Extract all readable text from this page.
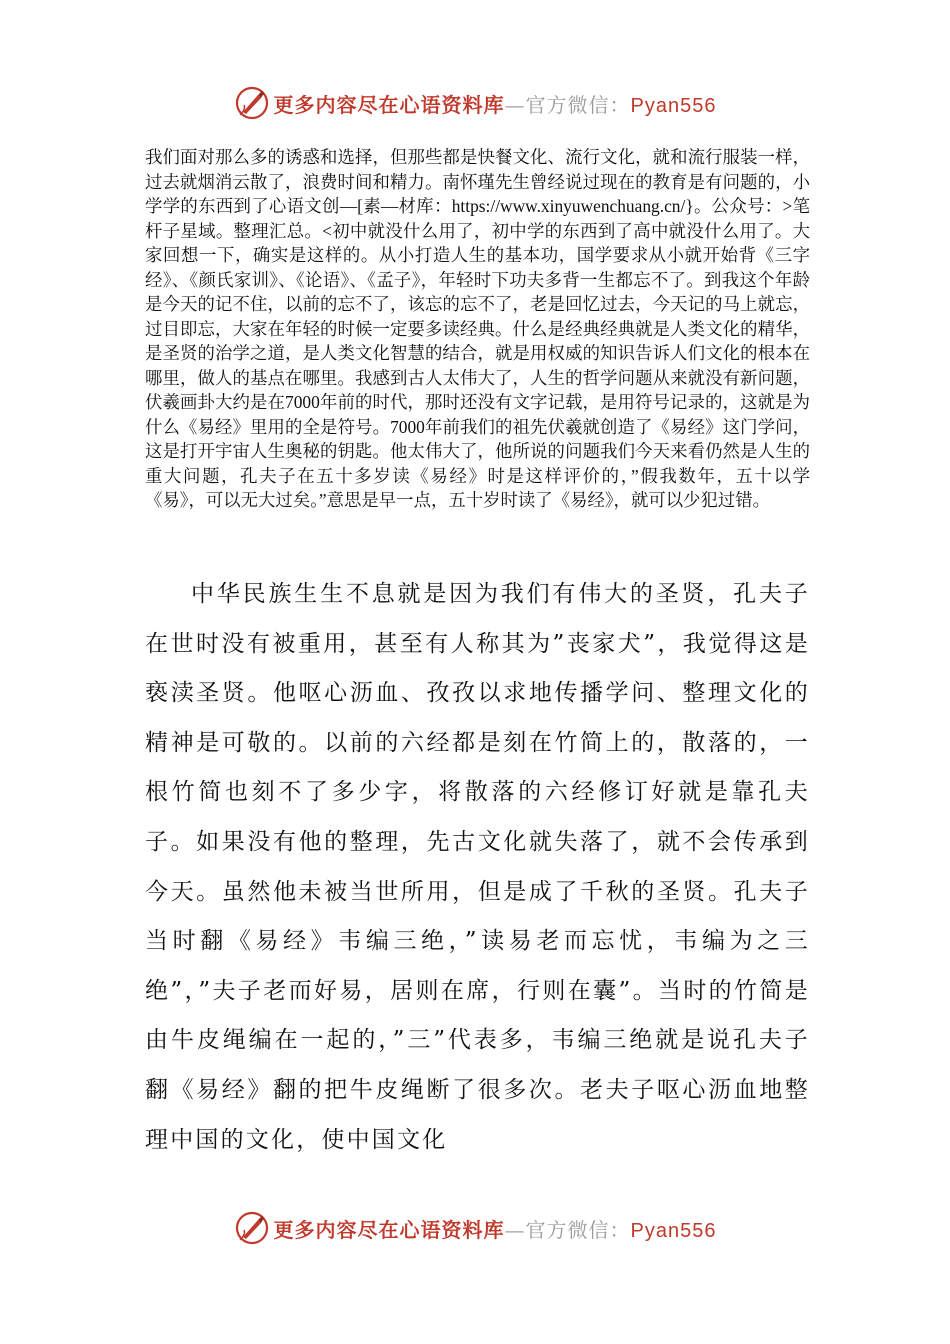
更多内容尽在心语资料库—官方微信：Pyan556

我们面对那么多的诱惑和选择，但那些都是快餐文化、流行文化，就和流行服装一样，过去就烟消云散了，浪费时间和精力。南怀瑾先生曾经说过现在的教育是有问题的，小学学的东西到了心语文创—[素—材库：https://www.xinyuwenchuang.cn/}。公众号：>笔杆子星域。整理汇总。<初中就没什么用了，初中学的东西到了高中就没什么用了。大家回想一下，确实是这样的。从小打造人生的基本功，国学要求从小就开始背《三字经》、《颜氏家训》、《论语》、《孟子》，年轻时下功夫多背一生都忘不了。到我这个年龄是今天的记不住，以前的忘不了，该忘的忘不了，老是回忆过去，今天记的马上就忘，过目即忘，大家在年轻的时候一定要多读经典。什么是经典经典就是人类文化的精华，是圣贤的治学之道，是人类文化智慧的结合，就是用权威的知识告诉人们文化的根本在哪里，做人的基点在哪里。我感到古人太伟大了，人生的哲学问题从来就没有新问题，伏羲画卦大约是在7000年前的时代，那时还没有文字记载，是用符号记录的，这就是为什么《易经》里用的全是符号。7000年前我们的祖先伏羲就创造了《易经》这门学问，这是打开宇宙人生奥秘的钥匙。他太伟大了，他所说的问题我们今天来看仍然是人生的重大问题，孔夫子在五十多岁读《易经》时是这样评价的，”假我数年，五十以学《易》，可以无大过矣。”意思是早一点，五十岁时读了《易经》，就可以少犯过错。

中华民族生生不息就是因为我们有伟大的圣贤，孔夫子在世时没有被重用，甚至有人称其为”丧家犬”，我觉得这是亵渎圣贤。他呕心沥血、孜孜以求地传播学问、整理文化的精神是可敬的。以前的六经都是刻在竹简上的，散落的，一根竹简也刻不了多少字，将散落的六经修订好就是靠孔夫子。如果没有他的整理，先古文化就失落了，就不会传承到今天。虽然他未被当世所用，但是成了千秋的圣贤。孔夫子当时翻《易经》韦编三绝，”读易老而忘忧，韦编为之三绝”，”夫子老而好易，居则在席，行则在囊”。当时的竹简是由牛皮绳编在一起的，”三”代表多，韦编三绝就是说孔夫子翻《易经》翻的把牛皮绳断了很多次。老夫子呕心沥血地整理中国的文化，使中国文化

更多内容尽在心语资料库—官方微信：Pyan556
